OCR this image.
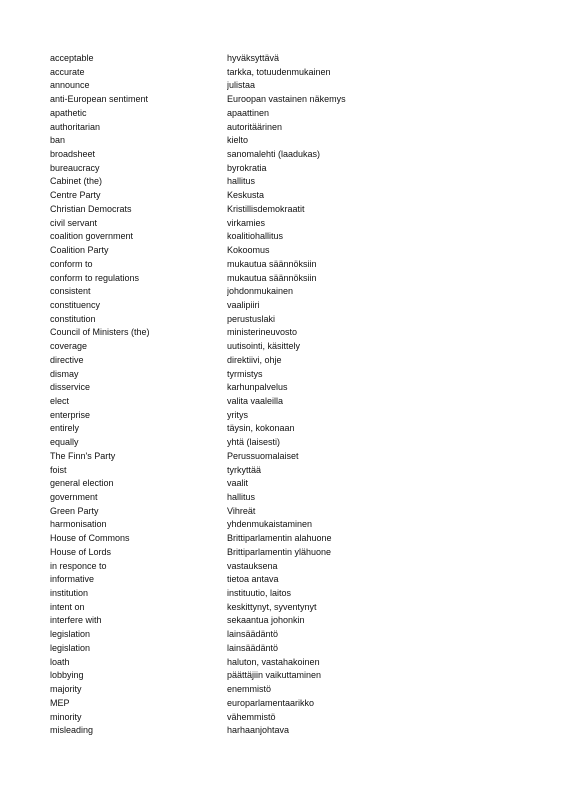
acceptable	hyväksyttävä
accurate	tarkka, totuudenmukainen
announce	julistaa
anti-European sentiment	Euroopan vastainen näkemys
apathetic	apaattinen
authoritarian	autoritäärinen
ban	kielto
broadsheet	sanomalehti (laadukas)
bureaucracy	byrokratia
Cabinet (the)	hallitus
Centre Party	Keskusta
Christian Democrats	Kristillisdemokraatit
civil servant	virkamies
coalition government	koalitiohallitus
Coalition Party	Kokoomus
conform to	mukautua säännöksiin
conform to regulations	mukautua säännöksiin
consistent	johdonmukainen
constituency	vaalipiiri
constitution	perustuslaki
Council of Ministers (the)	ministerineuvosto
coverage	uutisointi, käsittely
directive	direktiivi, ohje
dismay	tyrmistys
disservice	karhunpalvelus
elect	valita vaaleilla
enterprise	yritys
entirely	täysin, kokonaan
equally	yhtä (laisesti)
The Finn's Party	Perussuomalaiset
foist	tyrkyttää
general election	vaalit
government	hallitus
Green Party	Vihreät
harmonisation	yhdenmukaistaminen
House of Commons	Brittiparlamentin alahuone
House of Lords	Brittiparlamentin ylähuone
in responce to	vastauksena
informative	tietoa antava
institution	instituutio, laitos
intent on	keskittynyt, syventynyt
interfere with	sekaantua johonkin
legislation	lainsäädäntö
legislation	lainsäädäntö
loath	haluton, vastahakoinen
lobbying	päättäjiin vaikuttaminen
majority	enemmistö
MEP	europarlamentaarikko
minority	vähemmistö
misleading	harhaanjohtava
